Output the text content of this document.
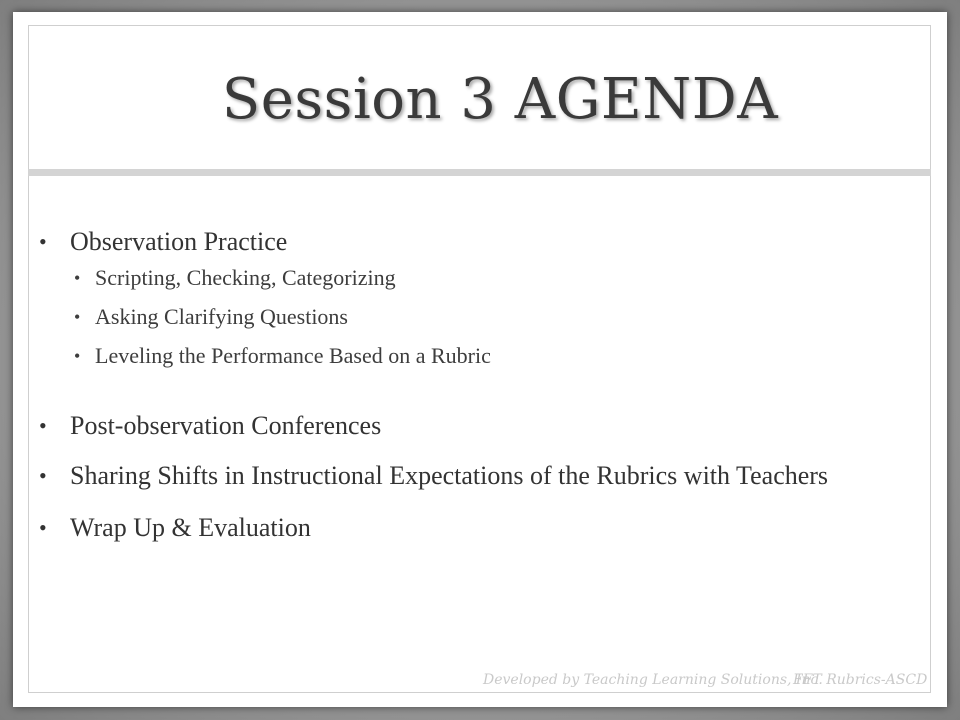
Session 3 AGENDA
• Observation Practice
• Scripting, Checking, Categorizing
• Asking Clarifying Questions
• Leveling the Performance Based on a Rubric
• Post-observation Conferences
• Sharing Shifts in Instructional Expectations of the Rubrics with Teachers
• Wrap Up & Evaluation
Developed by Teaching Learning Solutions, Inc.
FFT Rubrics-ASCD
